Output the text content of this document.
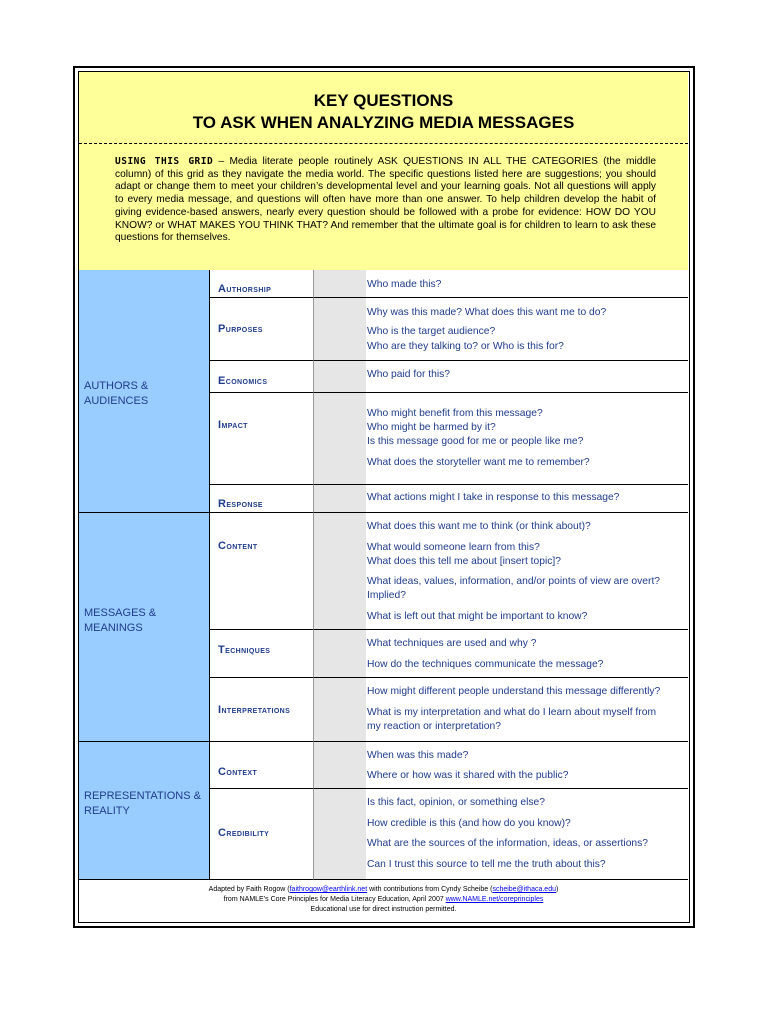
KEY QUESTIONS
TO ASK WHEN ANALYZING MEDIA MESSAGES
USING THIS GRID – Media literate people routinely ASK QUESTIONS IN ALL THE CATEGORIES (the middle column) of this grid as they navigate the media world. The specific questions listed here are suggestions; you should adapt or change them to meet your children’s developmental level and your learning goals. Not all questions will apply to every media message, and questions will often have more than one answer. To help children develop the habit of giving evidence-based answers, nearly every question should be followed with a probe for evidence: HOW DO YOU KNOW? or WHAT MAKES YOU THINK THAT? And remember that the ultimate goal is for children to learn to ask these questions for themselves.
AUTHORS &
AUDIENCES
Authorship	Who made this?
Purposes
Why was this made? What does this want me to do?
Who is the target audience?
Who are they talking to? or Who is this for?
Economics
Who paid for this?
Impact
Who might benefit from this message?
Who might be harmed by it?
Is this message good for me or people like me?
What does the storyteller want me to remember?
Response
What actions might I take in response to this message?
MESSAGES &
MEANINGS
Content
What does this want me to think (or think about)?
What would someone learn from this?
What does this tell me about [insert topic]?
What ideas, values, information, and/or points of view are overt?
Implied?
What is left out that might be important to know?
Techniques
What techniques are used and why ?
How do the techniques communicate the message?
Interpretations
How might different people understand this message differently?
What is my interpretation and what do I learn about myself from
my reaction or interpretation?
REPRESENTATIONS &
REALITY
Context
When was this made?
Where or how was it shared with the public?
Credibility
Is this fact, opinion, or something else?
How credible is this (and how do you know)?
What are the sources of the information, ideas, or assertions?
Can I trust this source to tell me the truth about this?
Adapted by Faith Rogow (faithrogow@earthlink.net with contributions from Cyndy Scheibe (scheibe@ithaca.edu)
from NAMLE’s Core Principles for Media Literacy Education, April 2007 www.NAMLE.net/coreprinciples
Educational use for direct instruction permitted.
